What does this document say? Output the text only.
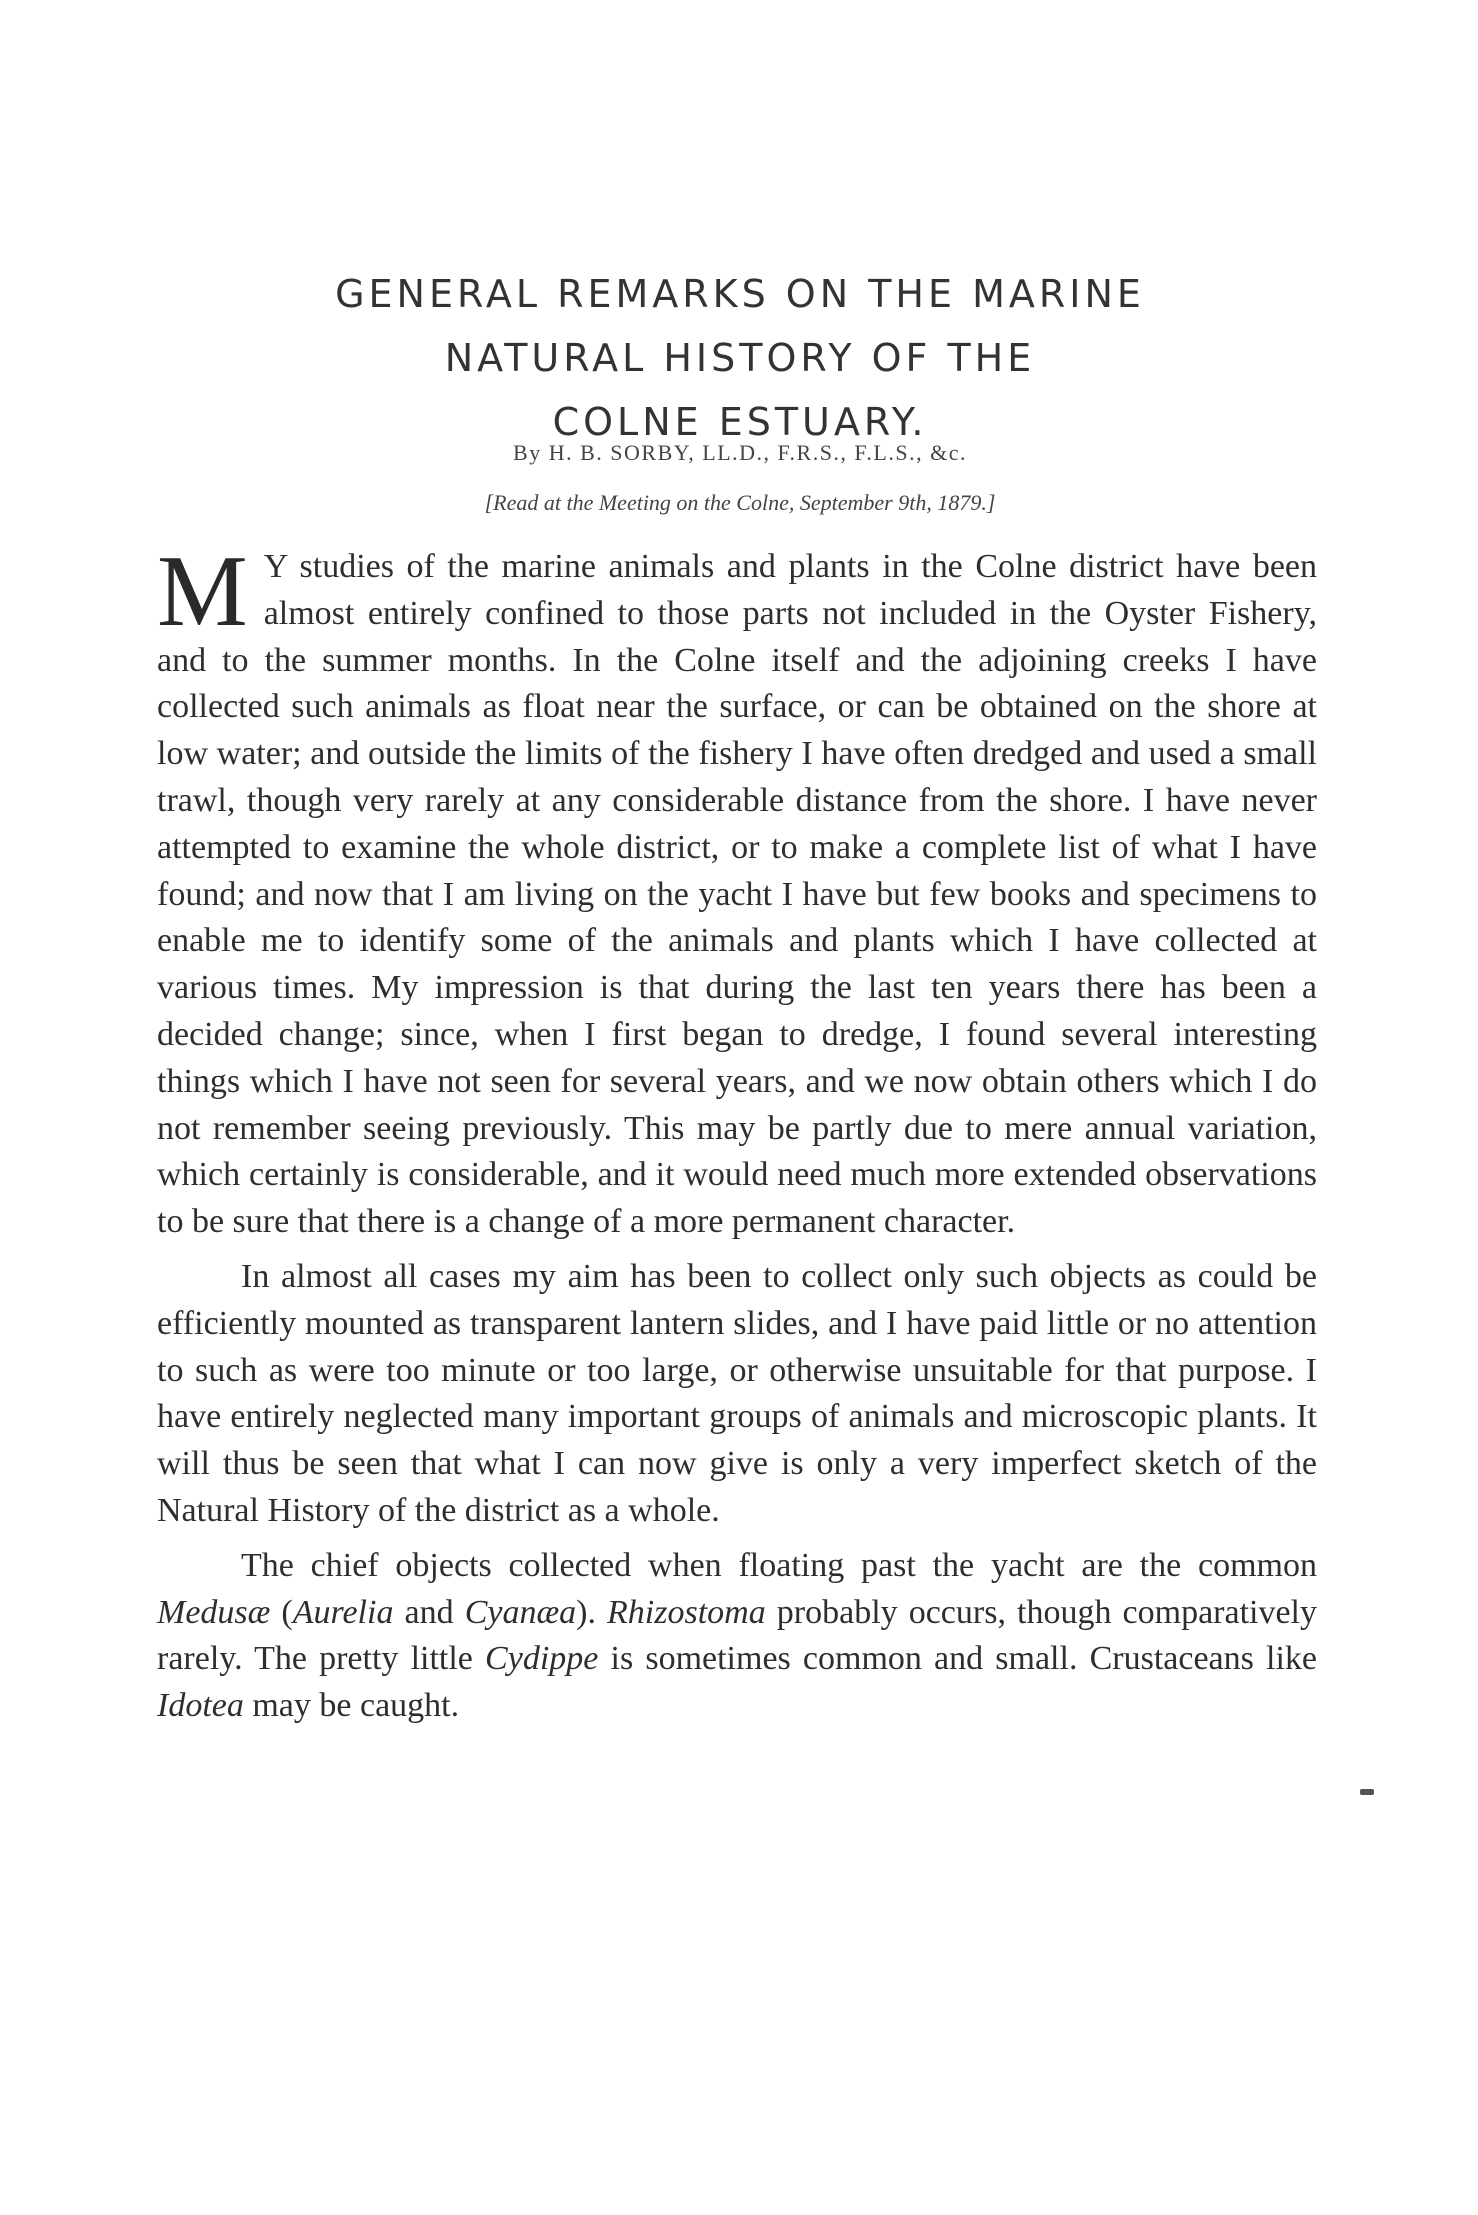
GENERAL REMARKS ON THE MARINE
NATURAL HISTORY OF THE
COLNE ESTUARY.
By H. B. SORBY, LL.D., F.R.S., F.L.S., &c.
[Read at the Meeting on the Colne, September 9th, 1879.]

M Y studies of the marine animals and plants in the Colne district have been almost entirely confined to those parts not included in the Oyster Fishery, and to the summer months. In the Colne itself and the adjoining creeks I have collected such animals as float near the surface, or can be obtained on the shore at low water; and outside the limits of the fishery I have often dredged and used a small trawl, though very rarely at any considerable distance from the shore. I have never attempted to examine the whole district, or to make a complete list of what I have found; and now that I am living on the yacht I have but few books and specimens to enable me to identify some of the animals and plants which I have collected at various times. My impression is that during the last ten years there has been a decided change; since, when I first began to dredge, I found several interesting things which I have not seen for several years, and we now obtain others which I do not remember seeing previously. This may be partly due to mere annual variation, which certainly is considerable, and it would need much more extended observations to be sure that there is a change of a more permanent character.

In almost all cases my aim has been to collect only such objects as could be efficiently mounted as transparent lantern slides, and I have paid little or no attention to such as were too minute or too large, or otherwise unsuitable for that purpose. I have entirely neglected many important groups of animals and microscopic plants. It will thus be seen that what I can now give is only a very imperfect sketch of the Natural History of the district as a whole.

The chief objects collected when floating past the yacht are the common Medusæ (Aurelia and Cyanæa). Rhizostoma probably occurs, though comparatively rarely. The pretty little Cydippe is sometimes common and small. Crustaceans like Idotea may be caught.
